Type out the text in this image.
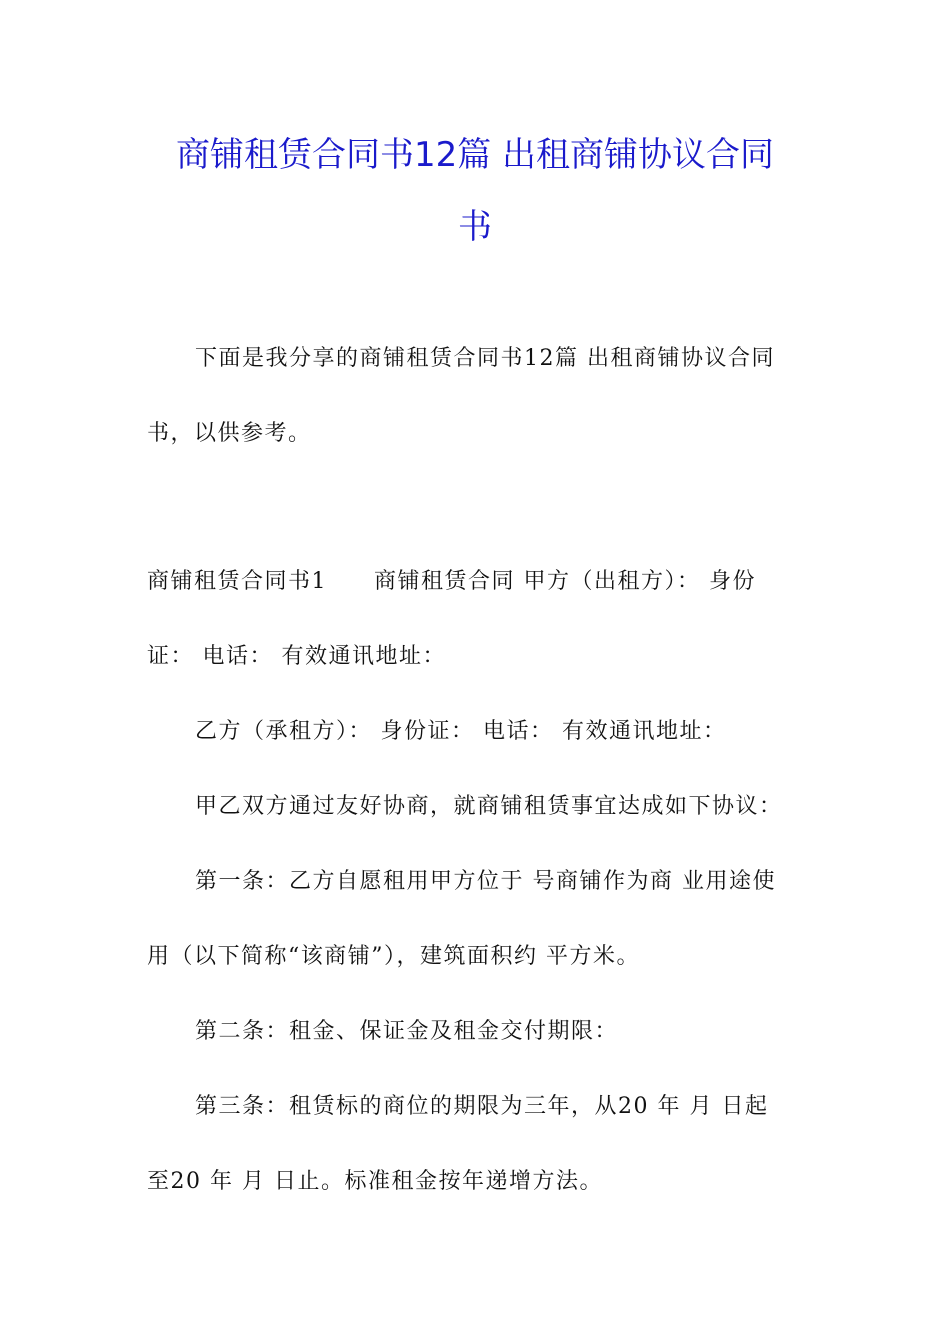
商铺租赁合同书12篇 出租商铺协议合同
书

下面是我分享的商铺租赁合同书12篇 出租商铺协议合同

书，以供参考。

商铺租赁合同书1　　商铺租赁合同 甲方（出租方）： 身份

证： 电话： 有效通讯地址：

乙方（承租方）： 身份证： 电话： 有效通讯地址：

甲乙双方通过友好协商，就商铺租赁事宜达成如下协议：

第一条：乙方自愿租用甲方位于 号商铺作为商 业用途使

用（以下简称“该商铺”），建筑面积约 平方米。

第二条：租金、保证金及租金交付期限：

第三条：租赁标的商位的期限为三年，从20 年 月 日起

至20 年 月 日止。标准租金按年递增方法。
